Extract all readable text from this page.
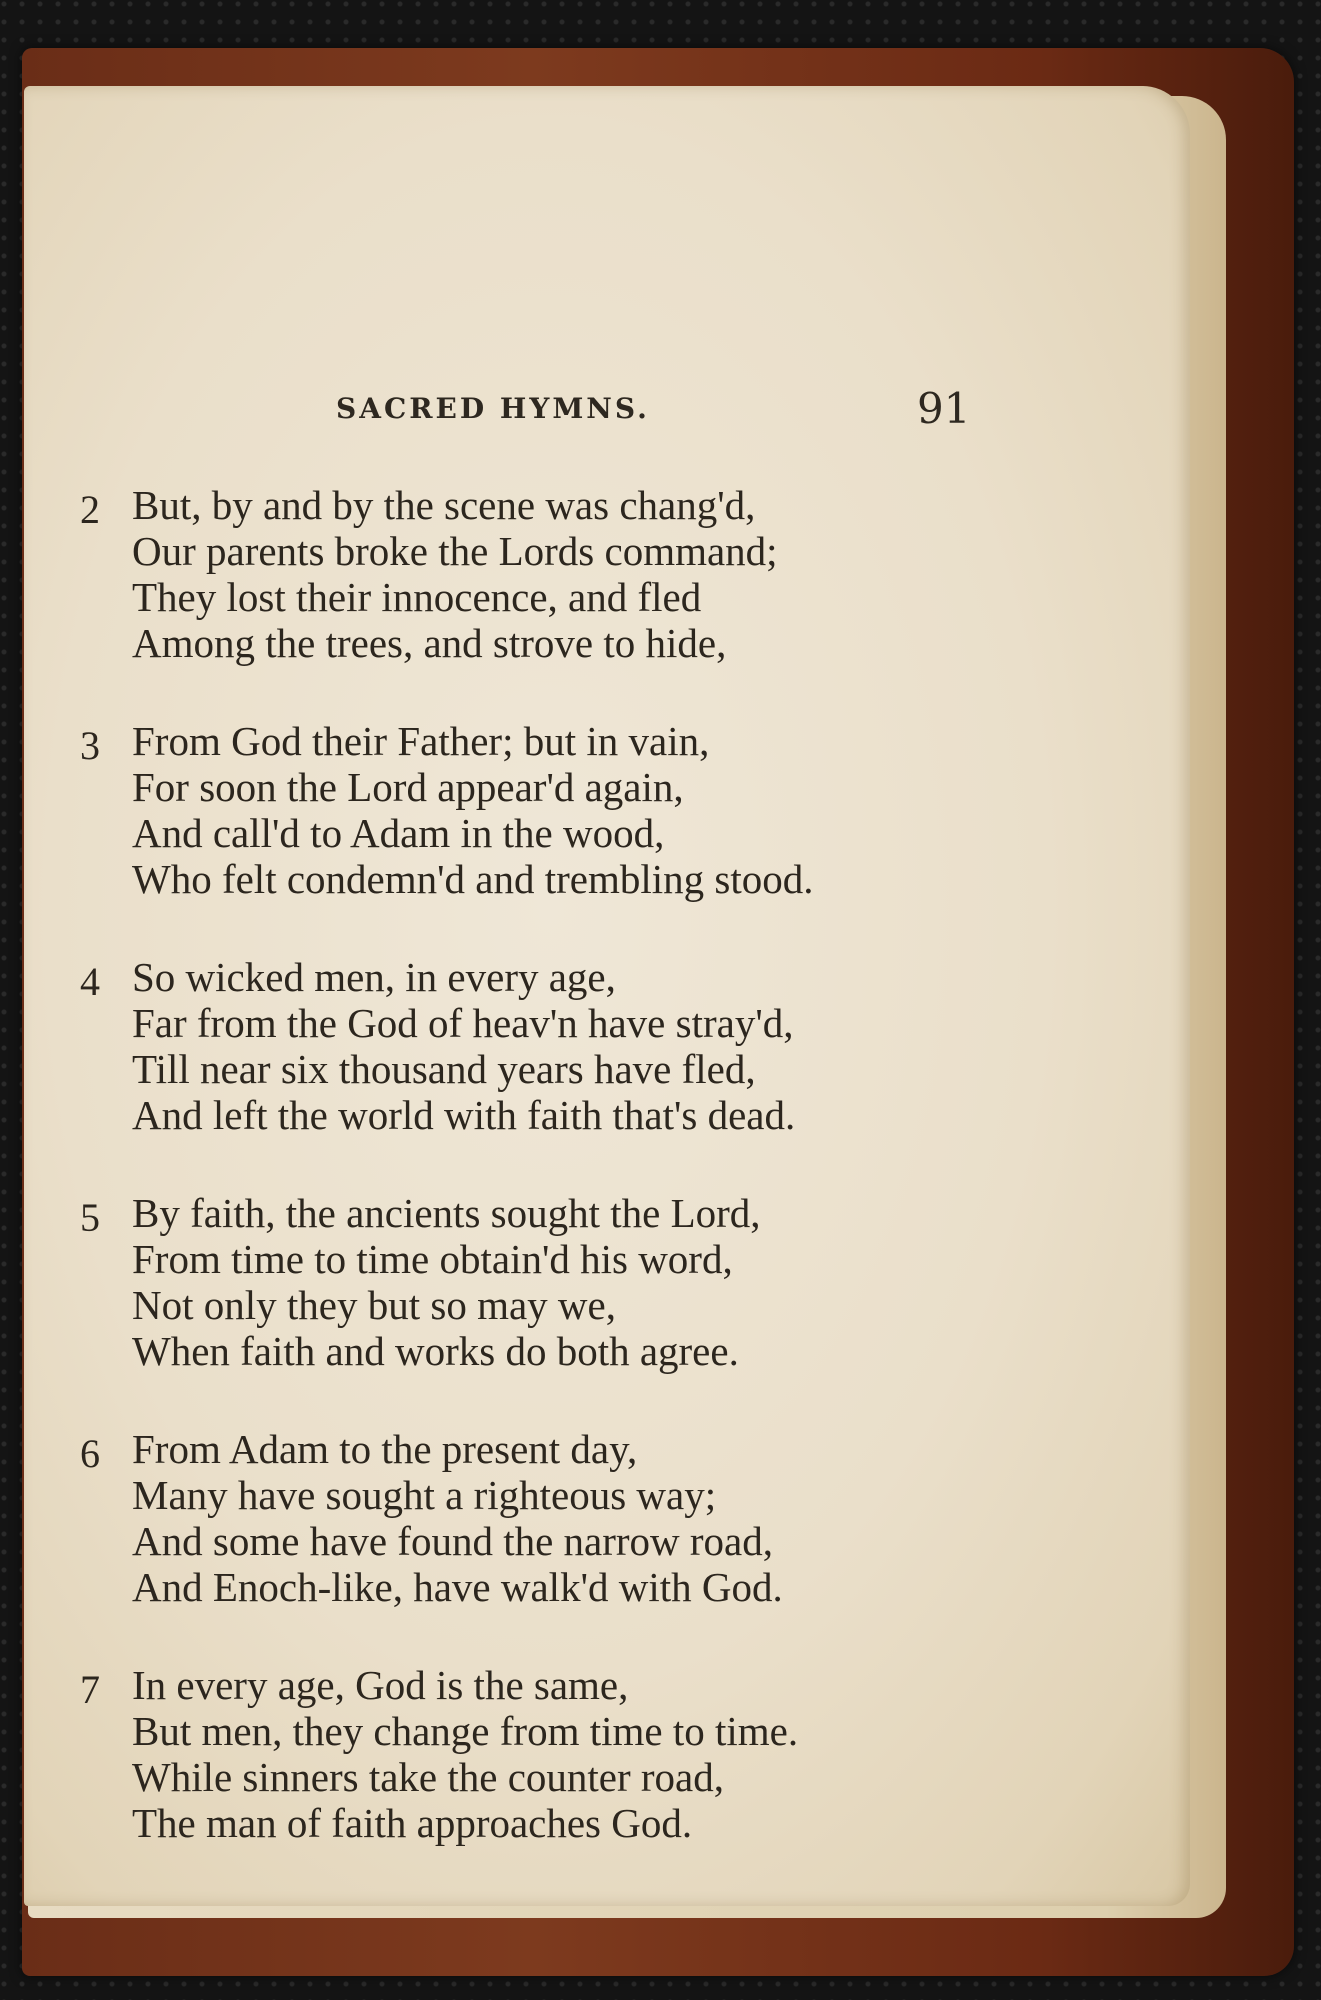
SACRED HYMNS.	91
2 But, by and by the scene was chang'd,
Our parents broke the Lords command;
They lost their innocence, and fled
Among the trees, and strove to hide,
3 From God their Father; but in vain,
For soon the Lord appear'd again,
And call'd to Adam in the wood,
Who felt condemn'd and trembling stood.
4 So wicked men, in every age,
Far from the God of heav'n have stray'd,
Till near six thousand years have fled,
And left the world with faith that's dead.
5 By faith, the ancients sought the Lord,
From time to time obtain'd his word,
Not only they but so may we,
When faith and works do both agree.
6 From Adam to the present day,
Many have sought a righteous way;
And some have found the narrow road,
And Enoch-like, have walk'd with God.
7 In every age, God is the same,
But men, they change from time to time.
While sinners take the counter road,
The man of faith approaches God.
